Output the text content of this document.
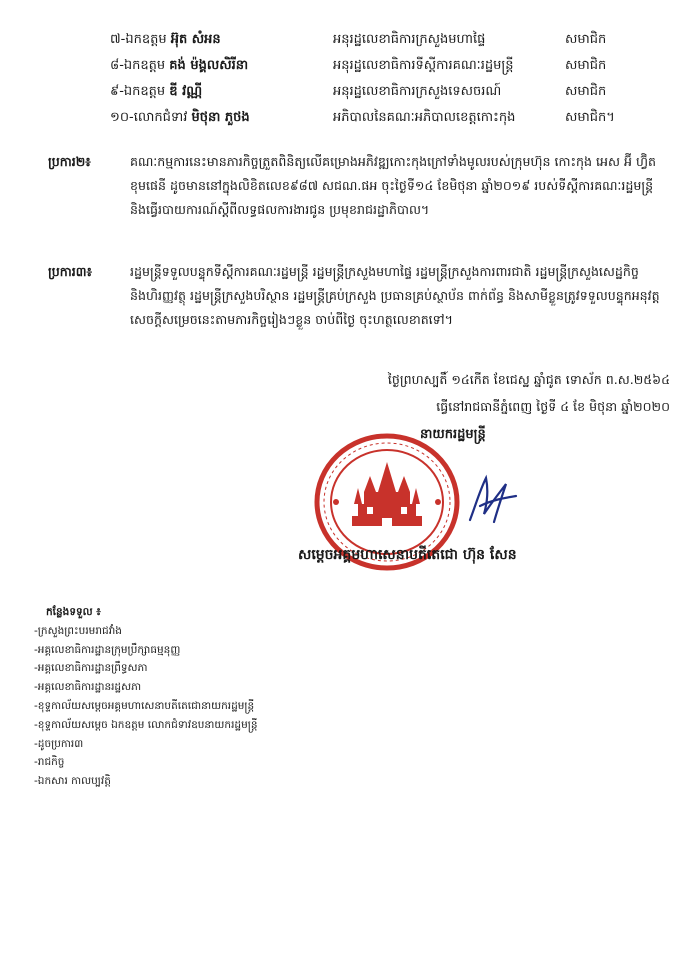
៧-ឯកឧត្តម អ៊ុត សំអន	អនុរដ្ឋលេខាធិការក្រសួងមហាផ្ទៃ	សមាជិក
៨-ឯកឧត្តម គង់ ម៉ង្គលសិរីនា	អនុរដ្ឋលេខាធិការទីស្តីការគណៈរដ្ឋមន្ត្រី	សមាជិក
៩-ឯកឧត្តម ឌី វណ្ណី	អនុរដ្ឋលេខាធិការក្រសួងទេសចរណ៍	សមាជិក
១០-លោកជំទាវ មិថុនា ភួថង	អភិបាលនៃគណៈអភិបាលខេត្តកោះកុង	សមាជិក។
ប្រការ២៖	គណៈកម្មការនេះមានភារកិច្ចត្រួតពិនិត្យលើគម្រោងអភិវឌ្ឍកោះកុងក្រៅទាំងមូលរបស់ក្រុមហ៊ុន កោះកុង អេស អ៊ី ហ្វ៊ិត ខុមផេនី ដូចមាននៅក្នុងលិខិតលេខ៩៨៧ សជណ.ផអ ចុះថ្ងៃទី១៤ ខែមិថុនា ឆ្នាំ២០១៩ របស់ទីស្តីការគណៈរដ្ឋមន្ត្រី និងធ្វើរបាយការណ៍ស្តីពីលទ្ធផលការងារជូន ប្រមុខរាជរដ្ឋាភិបាល។
ប្រការ៣៖	រដ្ឋមន្ត្រីទទួលបន្ទុកទីស្តីការគណៈរដ្ឋមន្ត្រី រដ្ឋមន្ត្រីក្រសួងមហាផ្ទៃ រដ្ឋមន្ត្រីក្រសួងការពារជាតិ រដ្ឋមន្ត្រីក្រសួងសេដ្ឋកិច្ច និងហិរញ្ញវត្ថុ រដ្ឋមន្ត្រីក្រសួងបរិស្ថាន រដ្ឋមន្ត្រីគ្រប់ក្រសួង ប្រធានគ្រប់ស្ថាប័ន ពាក់ព័ន្ធ និងសាមីខ្លួនត្រូវទទួលបន្ទុកអនុវត្តសេចក្តីសម្រេចនេះតាមភារកិច្ចរៀងៗខ្លួន ចាប់ពីថ្ងៃ ចុះហត្ថលេខាតទៅ។
ថ្ងៃព្រហស្បតិ៍ ១៤កើត ខែជេស្ឋ ឆ្នាំជូត ទោស័ក ព.ស.២៥៦៤
ធ្វើនៅរាជធានីភ្នំពេញ ថ្ងៃទី ៤ ខែ មិថុនា ឆ្នាំ២០២០
នាយករដ្ឋមន្ត្រី
សម្តេចអគ្គមហាសេនាបតីតេជោ ហ៊ុន សែន
កន្លែងទទួល ៖
-ក្រសួងព្រះបរមរាជវាំង
-អគ្គលេខាធិការដ្ឋានក្រុមប្រឹក្សាធម្មនុញ្ញ
-អគ្គលេខាធិការដ្ឋានព្រឹទ្ធសភា
-អគ្គលេខាធិការដ្ឋានរដ្ឋសភា
-ខុទ្ទកាល័យសម្តេចអគ្គមហាសេនាបតីតេជោនាយករដ្ឋមន្ត្រី
-ខុទ្ទកាល័យសម្តេច ឯកឧត្តម លោកជំទាវឧបនាយករដ្ឋមន្ត្រី
-ដូចប្រការ៣
-រាជកិច្ច
-ឯកសារ កាលប្បវត្តិ
